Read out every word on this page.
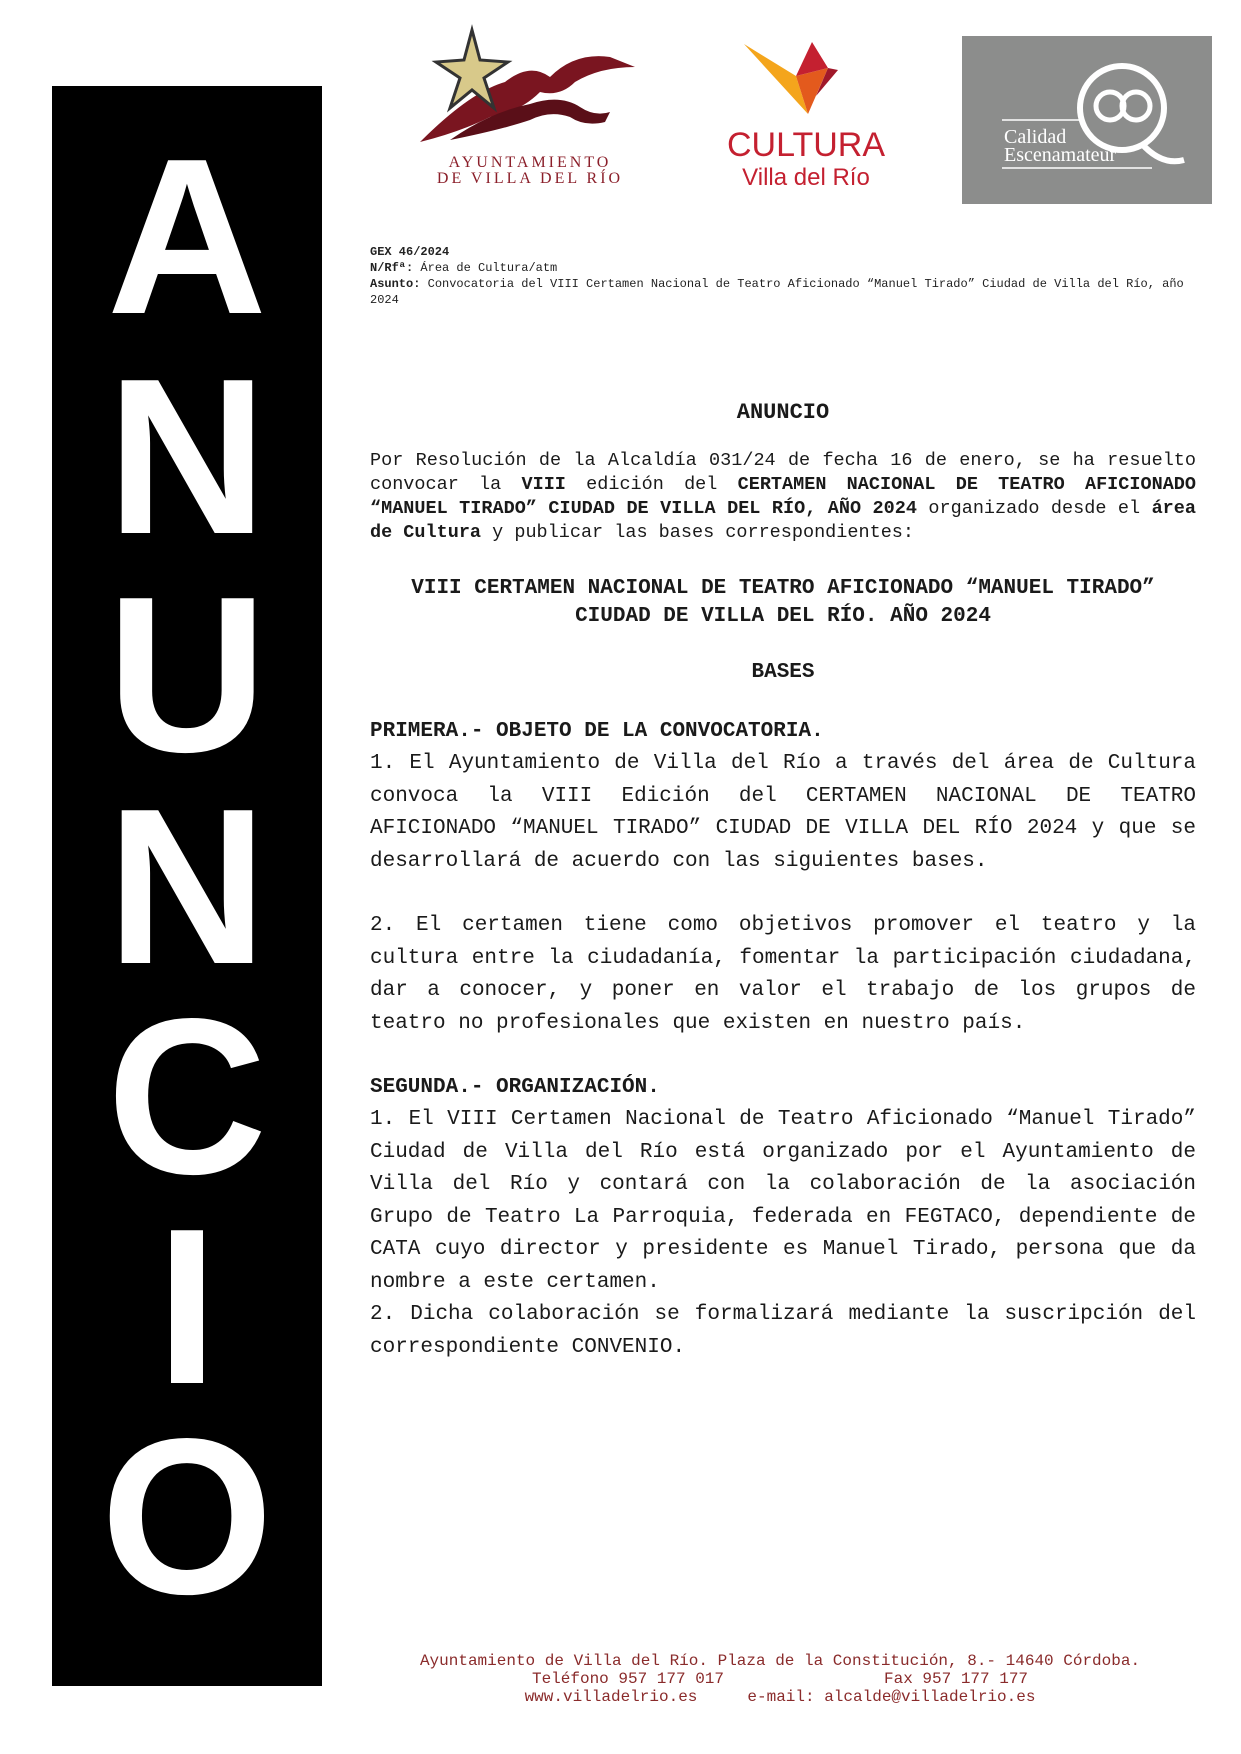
A
N
U
N
C
I
O
AYUNTAMIENTO
DE VILLA DEL RÍO
CULTURA
Villa del Río
Calidad
Escenamateur
GEX 46/2024
N/Rfª: Área de Cultura/atm
Asunto: Convocatoria del VIII Certamen Nacional de Teatro Aficionado “Manuel Tirado” Ciudad de Villa del Río, año 2024
ANUNCIO

Por Resolución de la Alcaldía 031/24 de fecha 16 de enero, se ha resuelto convocar la VIII edición del CERTAMEN NACIONAL DE TEATRO AFICIONADO “MANUEL TIRADO” CIUDAD DE VILLA DEL RÍO, AÑO 2024 organizado desde el área de Cultura y publicar las bases correspondientes:

VIII CERTAMEN NACIONAL DE TEATRO AFICIONADO “MANUEL TIRADO” CIUDAD DE VILLA DEL RÍO. AÑO 2024
BASES
PRIMERA.- OBJETO DE LA CONVOCATORIA.

1. El Ayuntamiento de Villa del Río a través del área de Cultura convoca la VIII Edición del CERTAMEN NACIONAL DE TEATRO AFICIONADO “MANUEL TIRADO” CIUDAD DE VILLA DEL RÍO 2024 y que se desarrollará de acuerdo con las siguientes bases.

2. El certamen tiene como objetivos promover el teatro y la cultura entre la ciudadanía, fomentar la participación ciudadana, dar a conocer, y poner en valor el trabajo de los grupos de teatro no profesionales que existen en nuestro país.

SEGUNDA.- ORGANIZACIÓN.

1. El VIII Certamen Nacional de Teatro Aficionado “Manuel Tirado” Ciudad de Villa del Río está organizado por el Ayuntamiento de Villa del Río y contará con la colaboración de la asociación Grupo de Teatro La Parroquia, federada en FEGTACO, dependiente de CATA cuyo director y presidente es Manuel Tirado, persona que da nombre a este certamen.

2. Dicha colaboración se formalizará mediante la suscripción del correspondiente CONVENIO.

Ayuntamiento de Villa del Río. Plaza de la Constitución, 8.- 14640 Córdoba.
Teléfono 957 177 017	Fax 957 177 177
www.villadelrio.es	e-mail: alcalde@villadelrio.es
